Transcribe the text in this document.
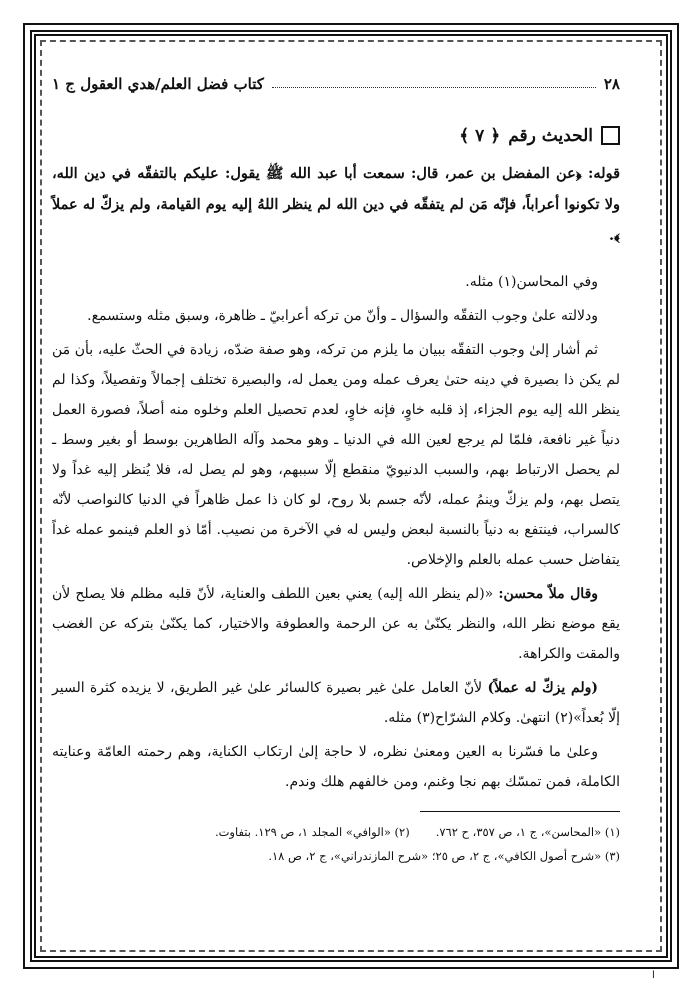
٢٨
كتاب فضل العلم/هدي العقول ج ١
الحديث رقم
﴿ ٧ ﴾
قوله: ﴿عن المفضل بن عمر، قال: سمعت أبا عبد الله ﷺ يقول: عليكم بالتفقّه في دين الله، ولا تكونوا أعراباً، فإنّه مَن لم يتفقّه في دين الله لم ينظر اللهُ إليه يوم القيامة، ولم يزكّ له عملاً ﴾.

وفي المحاسن(١) مثله.

ودلالته علىٰ وجوب التفقّه والسؤال ـ وأنّ من تركه أعرابيّ ـ ظاهرة، وسبق مثله وستسمع.

ثم أشار إلىٰ وجوب التفقّه ببيان ما يلزم من تركه، وهو صفة ضدّه، زيادة في الحثّ عليه، بأن مَن لم يكن ذا بصيرة في دينه حتىٰ يعرف عمله ومن يعمل له، والبصيرة تختلف إجمالاً وتفصيلاً، وكذا لم ينظر الله إليه يوم الجزاء، إذ قلبه خاوٍ، فإنه خاوٍ، لعدم تحصيل العلم وخلوه منه أصلاً، فصورة العمل دنياً غير نافعة، فلمّا لم يرجع لعين الله في الدنيا ـ وهو محمد وآله الطاهرين بوسط أو بغير وسط ـ لم يحصل الارتباط بهم، والسبب الدنيويّ منقطع إلّا سببهم، وهو لم يصل له، فلا يُنظر إليه غداً ولا يتصل بهم، ولم يزكّ وينمُ عمله، لأنّه جسم بلا روح، لو كان ذا عمل ظاهراً في الدنيا كالنواصب لأنّه كالسراب، فينتفع به دنياً بالنسبة لبعض وليس له في الآخرة من نصيب. أمّا ذو العلم فينمو عمله غداً يتفاضل حسب عمله بالعلم والإخلاص.

وقال ملاّ محسن: «(لم ينظر الله إليه) يعني بعين اللطف والعناية، لأنّ قلبه مظلم فلا يصلح لأن يقع موضع نظر الله، والنظر يكنّىٰ به عن الرحمة والعطوفة والاختيار، كما يكنّىٰ بتركه عن الغضب والمقت والكراهة.

(ولم يزكّ له عملاً) لأنّ العامل علىٰ غير بصيرة كالسائر علىٰ غير الطريق، لا يزيده كثرة السير إلّا بُعداً»(٢) انتهىٰ. وكلام الشرّاح(٣) مثله.

وعلىٰ ما فسّرنا به العين ومعنىٰ نظره، لا حاجة إلىٰ ارتكاب الكناية، وهم رحمته العامّة وعنايته الكاملة، فمن تمسّك بهم نجا وغنم، ومن خالفهم هلك وندم.

(١) «المحاسن»، ج ١، ص ٣٥٧، ح ٧٦٢.
(٢) «الوافي» المجلد ١، ص ١٢٩. بتفاوت.
(٣) «شرح أصول الكافي»، ج ٢، ص ٢٥؛ «شرح المازندراني»، ج ٢، ص ١٨.
ا
